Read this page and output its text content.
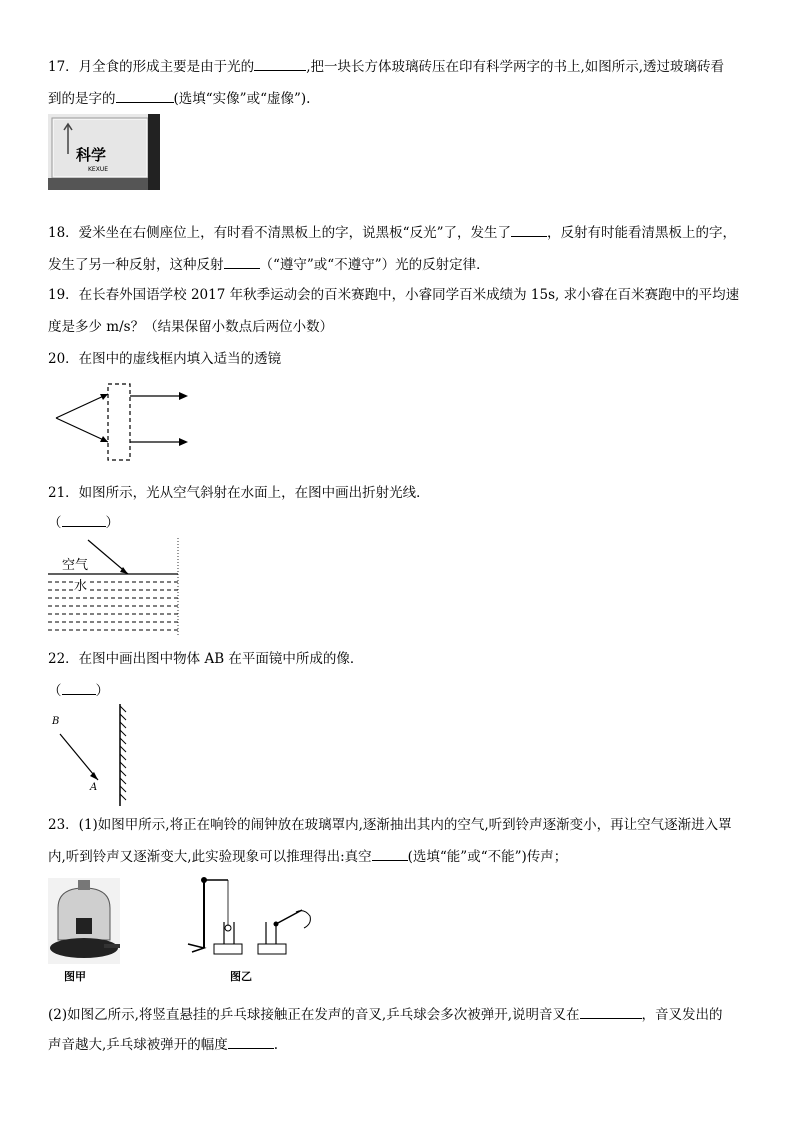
17．月全食的形成主要是由于光的	,把一块长方体玻璃砖压在印有科学两字的书上,如图所示,透过玻璃砖看
到的是字的	(选填“实像”或“虚像”).
科学
KEXUE
18．爱米坐在右侧座位上，有时看不清黑板上的字，说黑板“反光”了，发生了	，反射有时能看清黑板上的字，
发生了另一种反射，这种反射	（“遵守”或“不遵守”）光的反射定律．
19．在长春外国语学校 2017 年秋季运动会的百米赛跑中，小睿同学百米成绩为 15s, 求小睿在百米赛跑中的平均速
度是多少 m/s？（结果保留小数点后两位小数）
20．在图中的虚线框内填入适当的透镜
21．如图所示，光从空气斜射在水面上，在图中画出折射光线．
（	）
空气
水
22．在图中画出图中物体 AB 在平面镜中所成的像．
（	）
B
A
23．(1)如图甲所示,将正在响铃的闹钟放在玻璃罩内,逐渐抽出其内的空气,听到铃声逐渐变小，再让空气逐渐进入罩
内,听到铃声又逐渐变大,此实验现象可以推理得出:真空	(选填“能”或“不能”)传声；
图甲	图乙
(2)如图乙所示,将竖直悬挂的乒乓球接触正在发声的音叉,乒乓球会多次被弹开,说明音叉在	，音叉发出的
声音越大,乒乓球被弹开的幅度	.
